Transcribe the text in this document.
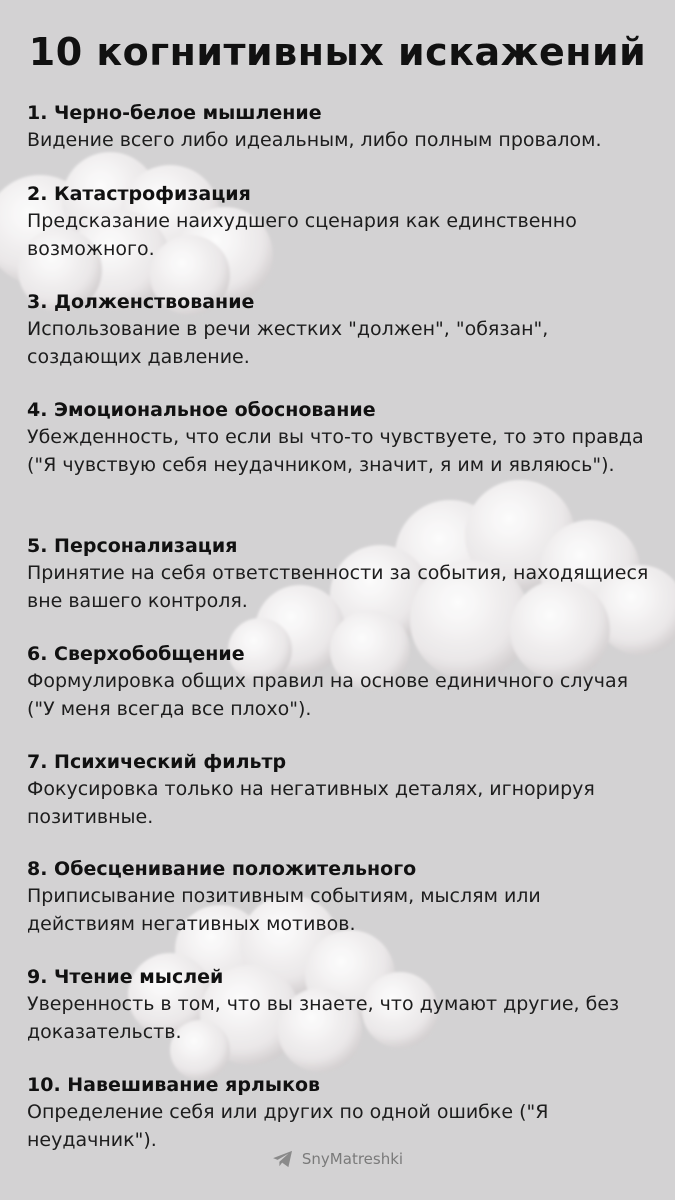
10 когнитивных искажений
1. Черно-белое мышление
Видение всего либо идеальным, либо полным провалом.
2. Катастрофизация
Предсказание наихудшего сценария как единственно возможного.
3. Долженствование
Использование в речи жестких "должен", "обязан", создающих давление.
4. Эмоциональное обоснование
Убежденность, что если вы что-то чувствуете, то это правда ("Я чувствую себя неудачником, значит, я им и являюсь").
5. Персонализация
Принятие на себя ответственности за события, находящиеся вне вашего контроля.
6. Сверхобобщение
Формулировка общих правил на основе единичного случая ("У меня всегда все плохо").
7. Психический фильтр
Фокусировка только на негативных деталях, игнорируя позитивные.
8. Обесценивание положительного
Приписывание позитивным событиям, мыслям или действиям негативных мотивов.
9. Чтение мыслей
Уверенность в том, что вы знаете, что думают другие, без доказательств.
10. Навешивание ярлыков
Определение себя или других по одной ошибке ("Я неудачник").
SnyMatreshki
